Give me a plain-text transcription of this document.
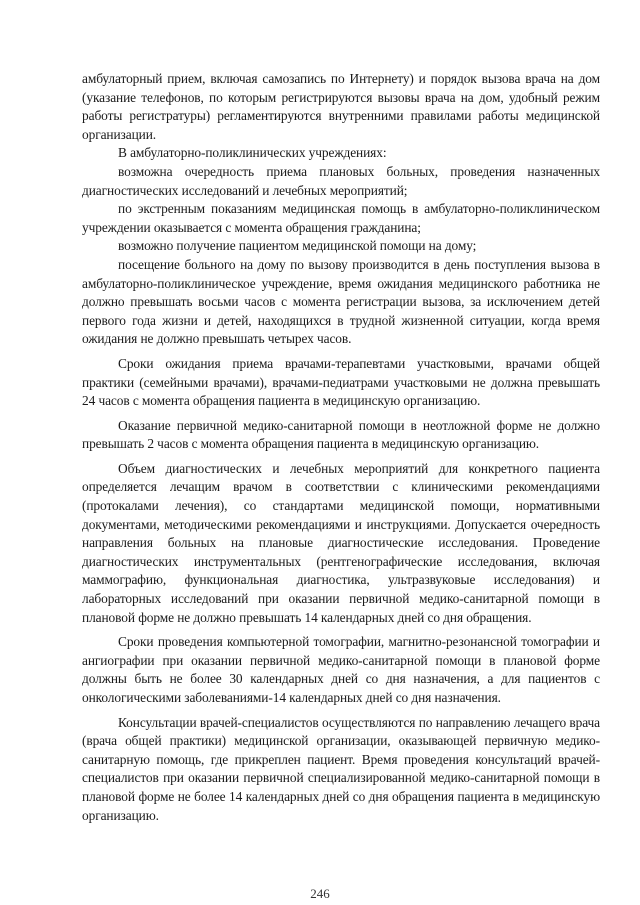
амбулаторный прием, включая самозапись по Интернету) и порядок вызова врача на дом (указание телефонов, по которым регистрируются вызовы врача на дом, удобный режим работы регистратуры) регламентируются внутренними правилами работы медицинской организации.

В амбулаторно-поликлинических учреждениях:

возможна очередность приема плановых больных, проведения назначенных диагностических исследований и лечебных мероприятий;

по экстренным показаниям медицинская помощь в амбулаторно-поликлиническом учреждении оказывается с момента обращения гражданина;

возможно получение пациентом медицинской помощи на дому;

посещение больного на дому по вызову производится в день поступления вызова в амбулаторно-поликлиническое учреждение, время ожидания медицинского работника не должно превышать восьми часов с момента регистрации вызова, за исключением детей первого года жизни и детей, находящихся в трудной жизненной ситуации, когда время ожидания не должно превышать четырех часов.

Сроки ожидания приема врачами-терапевтами участковыми, врачами общей практики (семейными врачами), врачами-педиатрами участковыми не должна превышать 24 часов с момента обращения пациента в медицинскую организацию.

Оказание первичной медико-санитарной помощи в неотложной форме не должно превышать 2 часов с момента обращения пациента в медицинскую организацию.

Объем диагностических и лечебных мероприятий для конкретного пациента определяется лечащим врачом в соответствии с клиническими рекомендациями (протокалами лечения), со стандартами медицинской помощи, нормативными документами, методическими рекомендациями и инструкциями. Допускается очередность направления больных на плановые диагностические исследования. Проведение диагностических инструментальных (рентгенографические исследования, включая маммографию, функциональная диагностика, ультразвуковые исследования) и лабораторных исследований при оказании первичной медико-санитарной помощи в плановой форме не должно превышать 14 календарных дней со дня обращения.

Сроки проведения компьютерной томографии, магнитно-резонансной томографии и ангиографии при оказании первичной медико-санитарной помощи в плановой форме должны быть не более 30 календарных дней со дня назначения, а для пациентов с онкологическими заболеваниями-14 календарных дней со дня назначения.

Консультации врачей-специалистов осуществляются по направлению лечащего врача (врача общей практики) медицинской организации, оказывающей первичную медико-санитарную помощь, где прикреплен пациент. Время проведения консультаций врачей-специалистов при оказании первичной специализированной медико-санитарной помощи в плановой форме не более 14 календарных дней со дня обращения пациента в медицинскую организацию.

246
